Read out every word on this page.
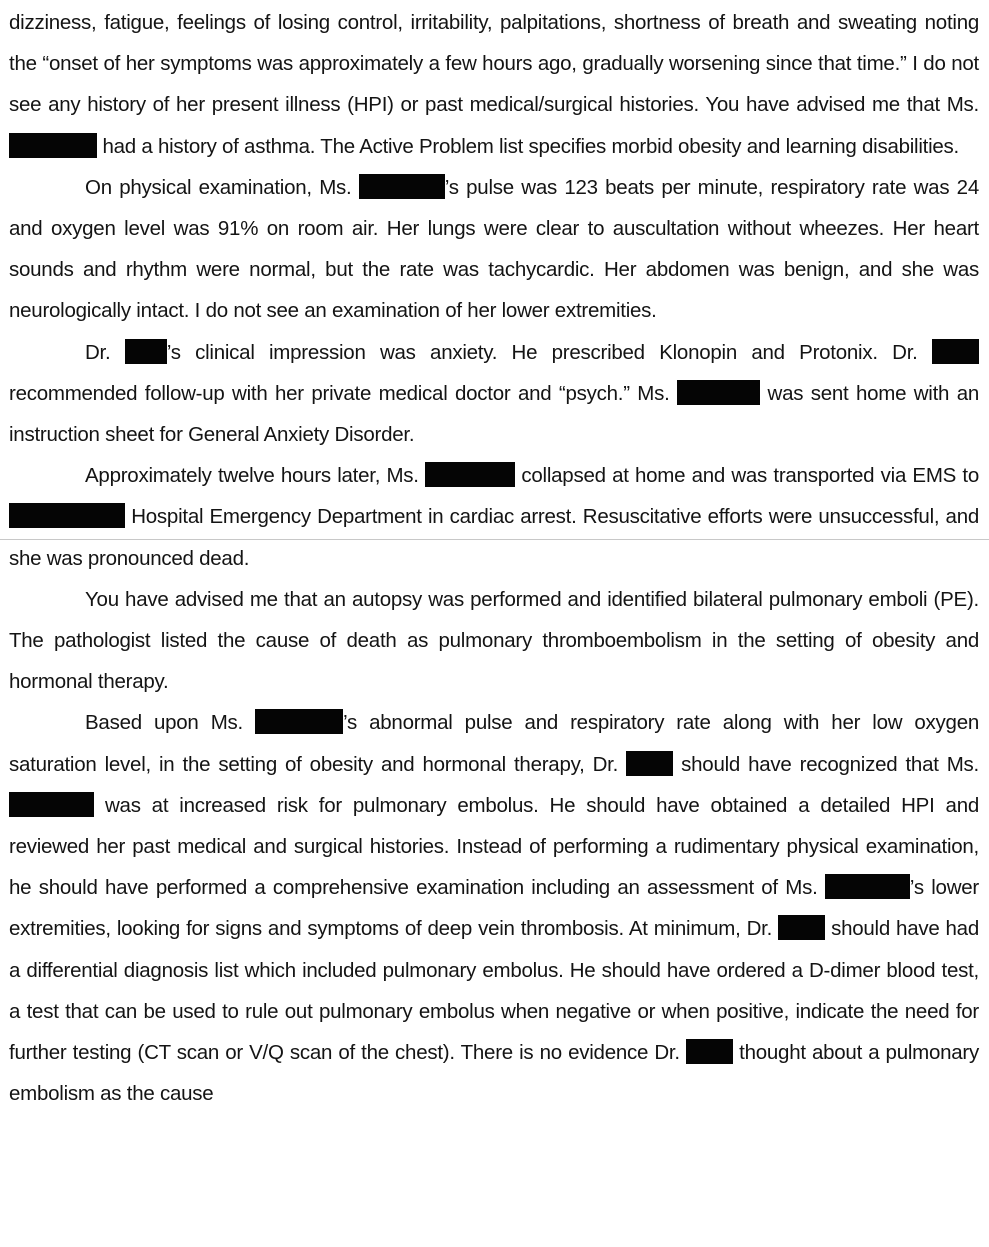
dizziness, fatigue, feelings of losing control, irritability, palpitations, shortness of breath and sweating noting the “onset of her symptoms was approximately a few hours ago, gradually worsening since that time.” I do not see any history of her present illness (HPI) or past medical/surgical histories. You have advised me that Ms.  had a history of asthma. The Active Problem list specifies morbid obesity and learning disabilities.

On physical examination, Ms.	’s pulse was 123 beats per minute, respiratory rate was 24 and oxygen level was 91% on room air. Her lungs were clear to auscultation without wheezes. Her heart sounds and rhythm were normal, but the rate was tachycardic. Her abdomen was benign, and she was neurologically intact. I do not see an examination of her lower extremities.

Dr. ’s clinical impression was anxiety. He prescribed Klonopin and Protonix. Dr.  recommended follow-up with her private medical doctor and “psych.” Ms.	was sent home with an instruction sheet for General Anxiety Disorder.

Approximately twelve hours later, Ms.	collapsed at home and was transported via EMS to  Hospital Emergency Department in cardiac arrest. Resuscitative efforts were unsuccessful, and she was pronounced dead.

You have advised me that an autopsy was performed and identified bilateral pulmonary emboli (PE). The pathologist listed the cause of death as pulmonary thromboembolism in the setting of obesity and hormonal therapy.

Based upon Ms.	’s abnormal pulse and respiratory rate along with her low oxygen saturation level, in the setting of obesity and hormonal therapy, Dr.  should have recognized that Ms.  was at increased risk for pulmonary embolus. He should have obtained a detailed HPI and reviewed her past medical and surgical histories. Instead of performing a rudimentary physical examination, he should have performed a comprehensive examination including an assessment of Ms.	’s lower extremities, looking for signs and symptoms of deep vein thrombosis. At minimum, Dr.  should have had a differential diagnosis list which included pulmonary embolus. He should have ordered a D-dimer blood test, a test that can be used to rule out pulmonary embolus when negative or when positive, indicate the need for further testing (CT scan or V/Q scan of the chest). There is no evidence Dr.  thought about a pulmonary embolism as the cause
